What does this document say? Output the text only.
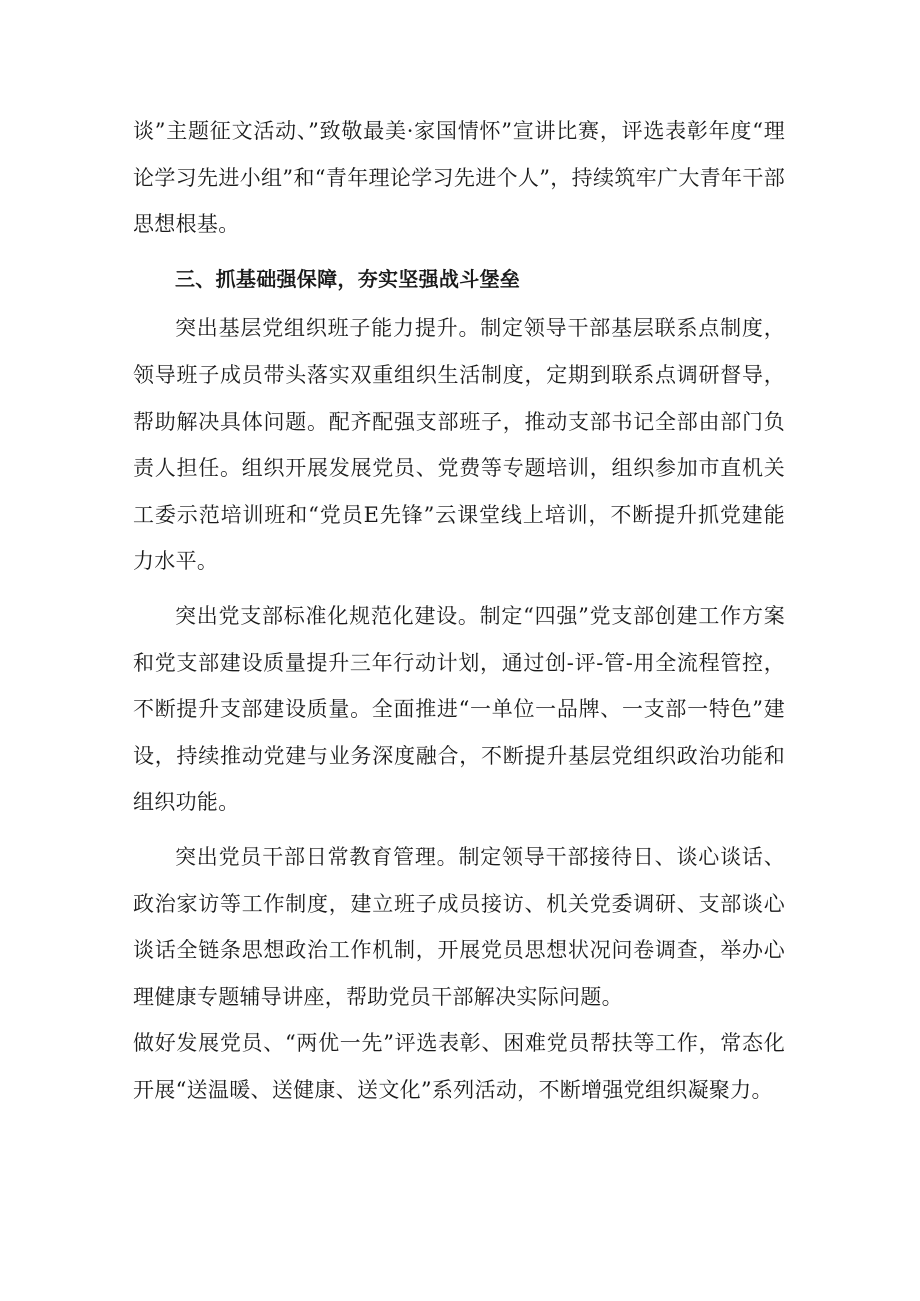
谈”主题征文活动、”致敬最美·家国情怀”宣讲比赛，评选表彰年度“理论学习先进小组”和“青年理论学习先进个人”，持续筑牢广大青年干部思想根基。

三、抓基础强保障，夯实坚强战斗堡垒

突出基层党组织班子能力提升。制定领导干部基层联系点制度，领导班子成员带头落实双重组织生活制度，定期到联系点调研督导，帮助解决具体问题。配齐配强支部班子，推动支部书记全部由部门负责人担任。组织开展发展党员、党费等专题培训，组织参加市直机关工委示范培训班和“党员E先锋”云课堂线上培训，不断提升抓党建能力水平。

突出党支部标准化规范化建设。制定“四强”党支部创建工作方案和党支部建设质量提升三年行动计划，通过创-评-管-用全流程管控，不断提升支部建设质量。全面推进“一单位一品牌、一支部一特色”建设，持续推动党建与业务深度融合，不断提升基层党组织政治功能和组织功能。

突出党员干部日常教育管理。制定领导干部接待日、谈心谈话、政治家访等工作制度，建立班子成员接访、机关党委调研、支部谈心谈话全链条思想政治工作机制，开展党员思想状况问卷调查，举办心理健康专题辅导讲座，帮助党员干部解决实际问题。

做好发展党员、“两优一先”评选表彰、困难党员帮扶等工作，常态化开展“送温暖、送健康、送文化”系列活动，不断增强党组织凝聚力。
